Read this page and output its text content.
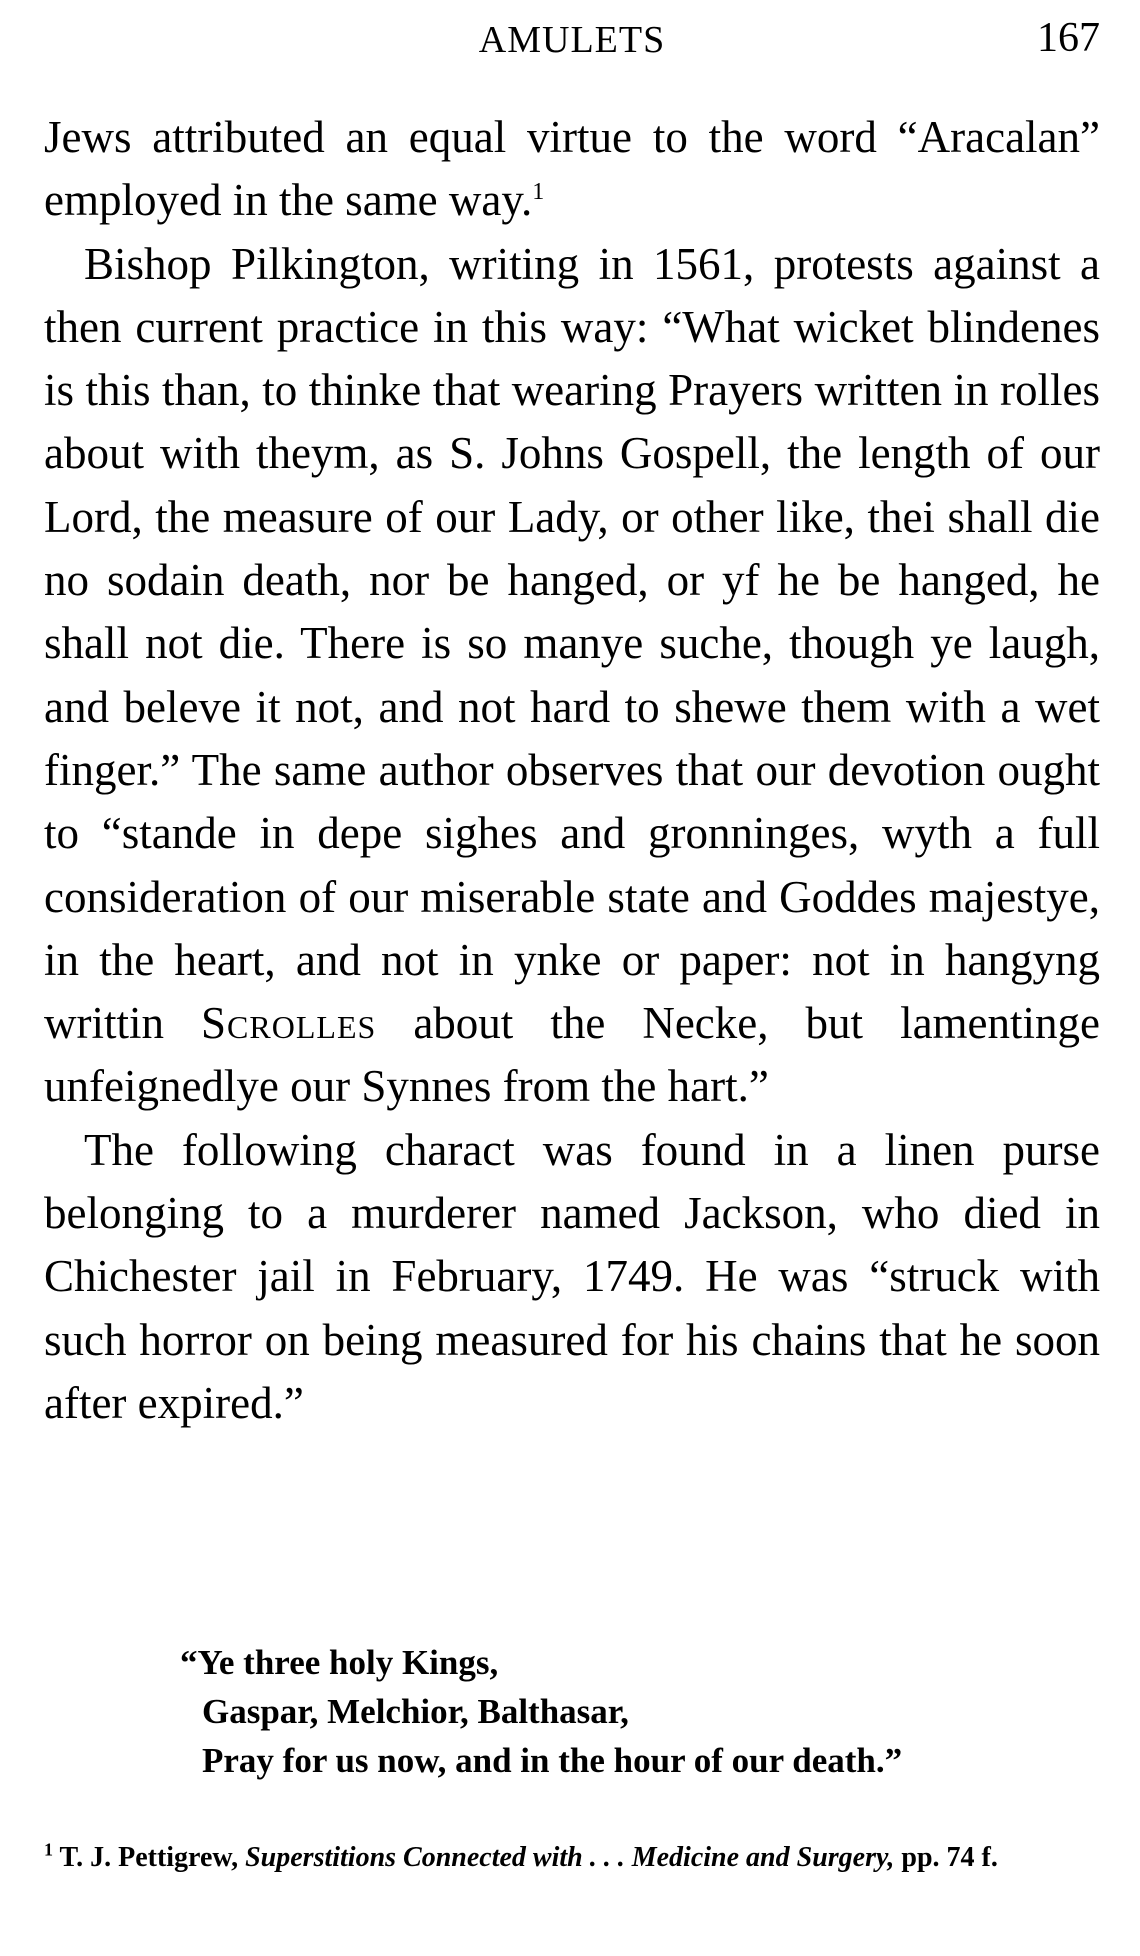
AMULETS	167

Jews attributed an equal virtue to the word “Aracalan” employed in the same way.$^1$

Bishop Pilkington, writing in 1561, protests against a then current practice in this way: “What wicket blindenes is this than, to thinke that wearing Prayers written in rolles about with theym, as S. Johns Gospell, the length of our Lord, the measure of our Lady, or other like, thei shall die no sodain death, nor be hanged, or yf he be hanged, he shall not die. There is so manye suche, though ye laugh, and beleve it not, and not hard to shewe them with a wet finger.” The same author observes that our devotion ought to “stande in depe sighes and gronninges, wyth a full consideration of our miserable state and Goddes majestye, in the heart, and not in ynke or paper: not in hangyng writtin Scrolles about the Necke, but lamentinge unfeignedlye our Synnes from the hart.”

The following charact was found in a linen purse belonging to a murderer named Jackson, who died in Chichester jail in February, 1749. He was “struck with such horror on being measured for his chains that he soon after expired.”

“Ye three holy Kings,
Gaspar, Melchior, Balthasar,
Pray for us now, and in the hour of our death.”
$^1$ T. J. Pettigrew, Superstitions Connected with . . . Medicine and Surgery, pp. 74 f.
